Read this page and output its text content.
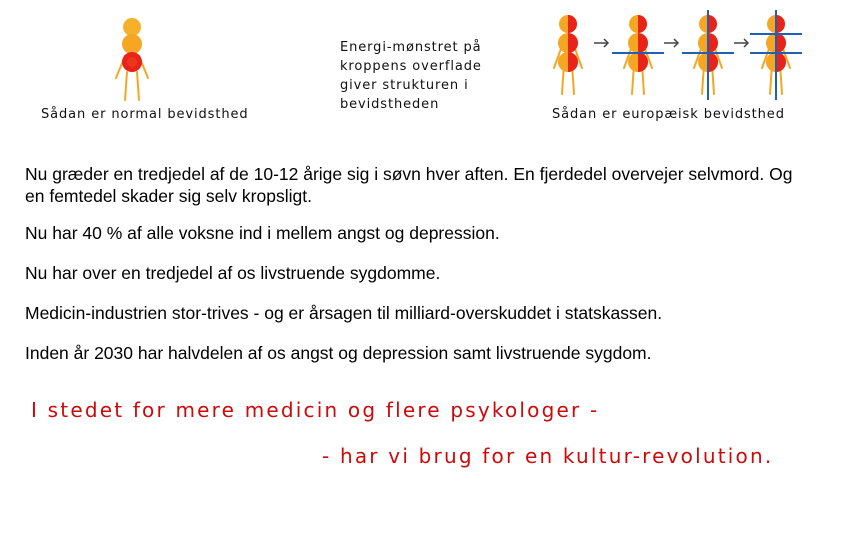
Sådan er normal bevidsthed
Energi-mønstret på kroppens overflade giver strukturen i bevidstheden
Sådan er europæisk bevidsthed
Nu græder en tredjedel af de 10-12 årige sig i søvn hver aften. En fjerdedel overvejer selvmord. Og en femtedel skader sig selv kropsligt.
Nu har 40 % af alle voksne ind i mellem angst og depression.
Nu har over en tredjedel af os livstruende sygdomme.
Medicin-industrien stor-trives - og er årsagen til milliard-overskuddet i statskassen.
Inden år 2030 har halvdelen af os angst og depression samt livstruende sygdom.
I stedet for mere medicin og flere psykologer -
- har vi brug for en kultur-revolution.
